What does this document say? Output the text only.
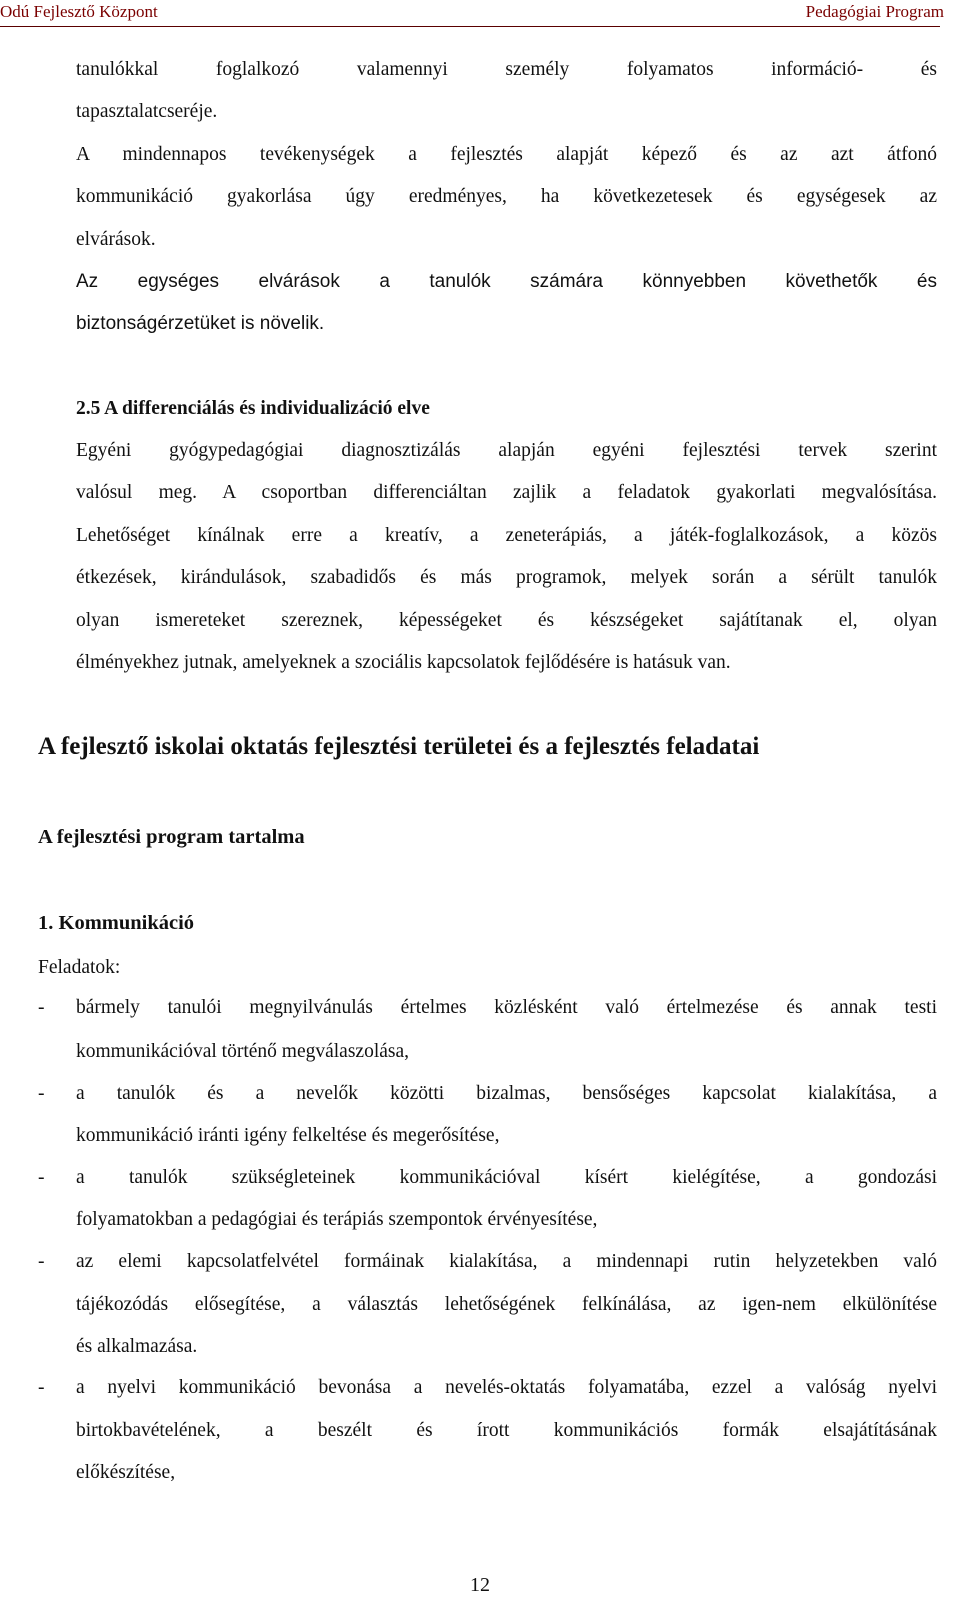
Odú Fejlesztő Központ	Pedagógiai Program
tanulókkal foglalkozó valamennyi személy folyamatos információ- és
tapasztalatcseréje.
A mindennapos tevékenységek a fejlesztés alapját képező és az azt átfonó
kommunikáció gyakorlása úgy eredményes, ha következetesek és egységesek az
elvárások.
Az egységes elvárások a tanulók számára könnyebben követhetők és
biztonságérzetüket is növelik.
2.5 A differenciálás és individualizáció elve
Egyéni gyógypedagógiai diagnosztizálás alapján egyéni fejlesztési tervek szerint
valósul meg. A csoportban differenciáltan zajlik a feladatok gyakorlati megvalósítása.
Lehetőséget kínálnak erre a kreatív, a zeneterápiás, a játék-foglalkozások, a közös
étkezések, kirándulások, szabadidős és más programok, melyek során a sérült tanulók
olyan ismereteket szereznek, képességeket és készségeket sajátítanak el, olyan
élményekhez jutnak, amelyeknek a szociális kapcsolatok fejlődésére is hatásuk van.
A fejlesztő iskolai oktatás fejlesztési területei és a fejlesztés feladatai
A fejlesztési program tartalma
1. Kommunikáció
Feladatok:
- bármely tanulói megnyilvánulás értelmes közlésként való értelmezése és annak testi
kommunikációval történő megválaszolása,
- a tanulók és a nevelők közötti bizalmas, bensőséges kapcsolat kialakítása, a
kommunikáció iránti igény felkeltése és megerősítése,
- a tanulók szükségleteinek kommunikációval kísért kielégítése, a gondozási
folyamatokban a pedagógiai és terápiás szempontok érvényesítése,
- az elemi kapcsolatfelvétel formáinak kialakítása, a mindennapi rutin helyzetekben való
tájékozódás elősegítése, a választás lehetőségének felkínálása, az igen-nem elkülönítése
és alkalmazása.
- a nyelvi kommunikáció bevonása a nevelés-oktatás folyamatába, ezzel a valóság nyelvi
birtokbavételének, a beszélt és írott kommunikációs formák elsajátításának
előkészítése,
12
